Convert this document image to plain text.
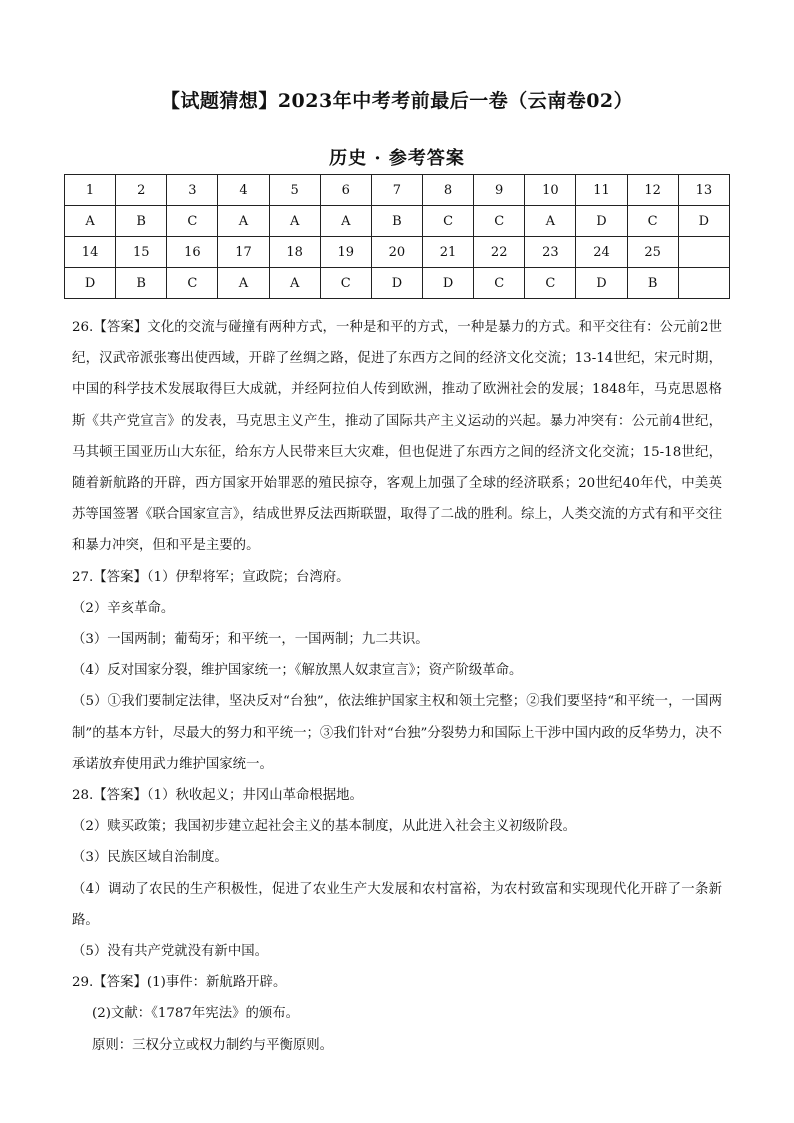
【试题猜想】2023年中考考前最后一卷（云南卷02）
历史 · 参考答案
1	2	3	4	5	6	7	8	9	10	11	12	13
A	B	C	A	A	A	B	C	C	A	D	C	D
14	15	16	17	18	19	20	21	22	23	24	25	
D	B	C	A	A	C	D	D	C	C	D	B	

26.【答案】文化的交流与碰撞有两种方式，一种是和平的方式，一种是暴力的方式。和平交往有：公元前2世纪，汉武帝派张骞出使西域，开辟了丝绸之路，促进了东西方之间的经济文化交流；13-14世纪，宋元时期，中国的科学技术发展取得巨大成就，并经阿拉伯人传到欧洲，推动了欧洲社会的发展；1848年，马克思恩格斯《共产党宣言》的发表，马克思主义产生，推动了国际共产主义运动的兴起。暴力冲突有：公元前4世纪，马其顿王国亚历山大东征，给东方人民带来巨大灾难，但也促进了东西方之间的经济文化交流；15-18世纪，随着新航路的开辟，西方国家开始罪恶的殖民掠夺，客观上加强了全球的经济联系；20世纪40年代，中美英苏等国签署《联合国家宣言》，结成世界反法西斯联盟，取得了二战的胜利。综上，人类交流的方式有和平交往和暴力冲突，但和平是主要的。

27.【答案】（1）伊犁将军；宣政院；台湾府。

（2）辛亥革命。

（3）一国两制；葡萄牙；和平统一，一国两制；九二共识。

（4）反对国家分裂，维护国家统一；《解放黑人奴隶宣言》；资产阶级革命。

（5）①我们要制定法律，坚决反对“台独”，依法维护国家主权和领土完整；②我们要坚持“和平统一，一国两制”的基本方针，尽最大的努力和平统一；③我们针对“台独”分裂势力和国际上干涉中国内政的反华势力，决不承诺放弃使用武力维护国家统一。

28.【答案】（1）秋收起义；井冈山革命根据地。

（2）赎买政策；我国初步建立起社会主义的基本制度，从此进入社会主义初级阶段。

（3）民族区域自治制度。

（4）调动了农民的生产积极性，促进了农业生产大发展和农村富裕，为农村致富和实现现代化开辟了一条新路。

（5）没有共产党就没有新中国。

29.【答案】(1)事件：新航路开辟。

(2)文献：《1787年宪法》的颁布。

原则：三权分立或权力制约与平衡原则。
